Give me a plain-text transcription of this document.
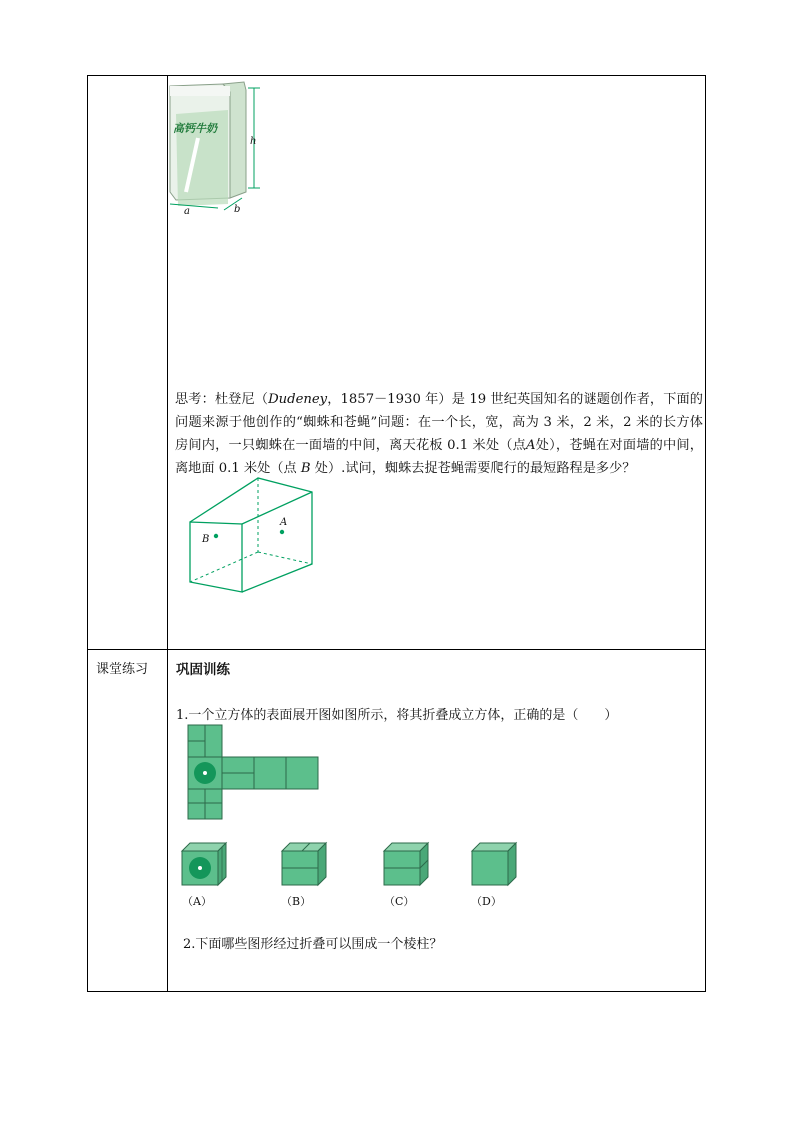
课堂练习
高钙牛奶
h
a	b
思考：杜登尼（Dudeney，1857－1930 年）是 19 世纪英国知名的谜题创作者，下面的问题来源于他创作的“蜘蛛和苍蝇”问题：在一个长，宽，高为 3 米，2 米，2 米的长方体房间内，一只蜘蛛在一面墙的中间，离天花板 0.1 米处（点A处），苍蝇在对面墙的中间，离地面 0.1 米处（点 B 处）.试问，蜘蛛去捉苍蝇需要爬行的最短路程是多少？
A
B
巩固训练
1.一个立方体的表面展开图如图所示，将其折叠成立方体，正确的是（　　）
（A）	（B）	（C）	（D）
2.下面哪些图形经过折叠可以围成一个棱柱？
